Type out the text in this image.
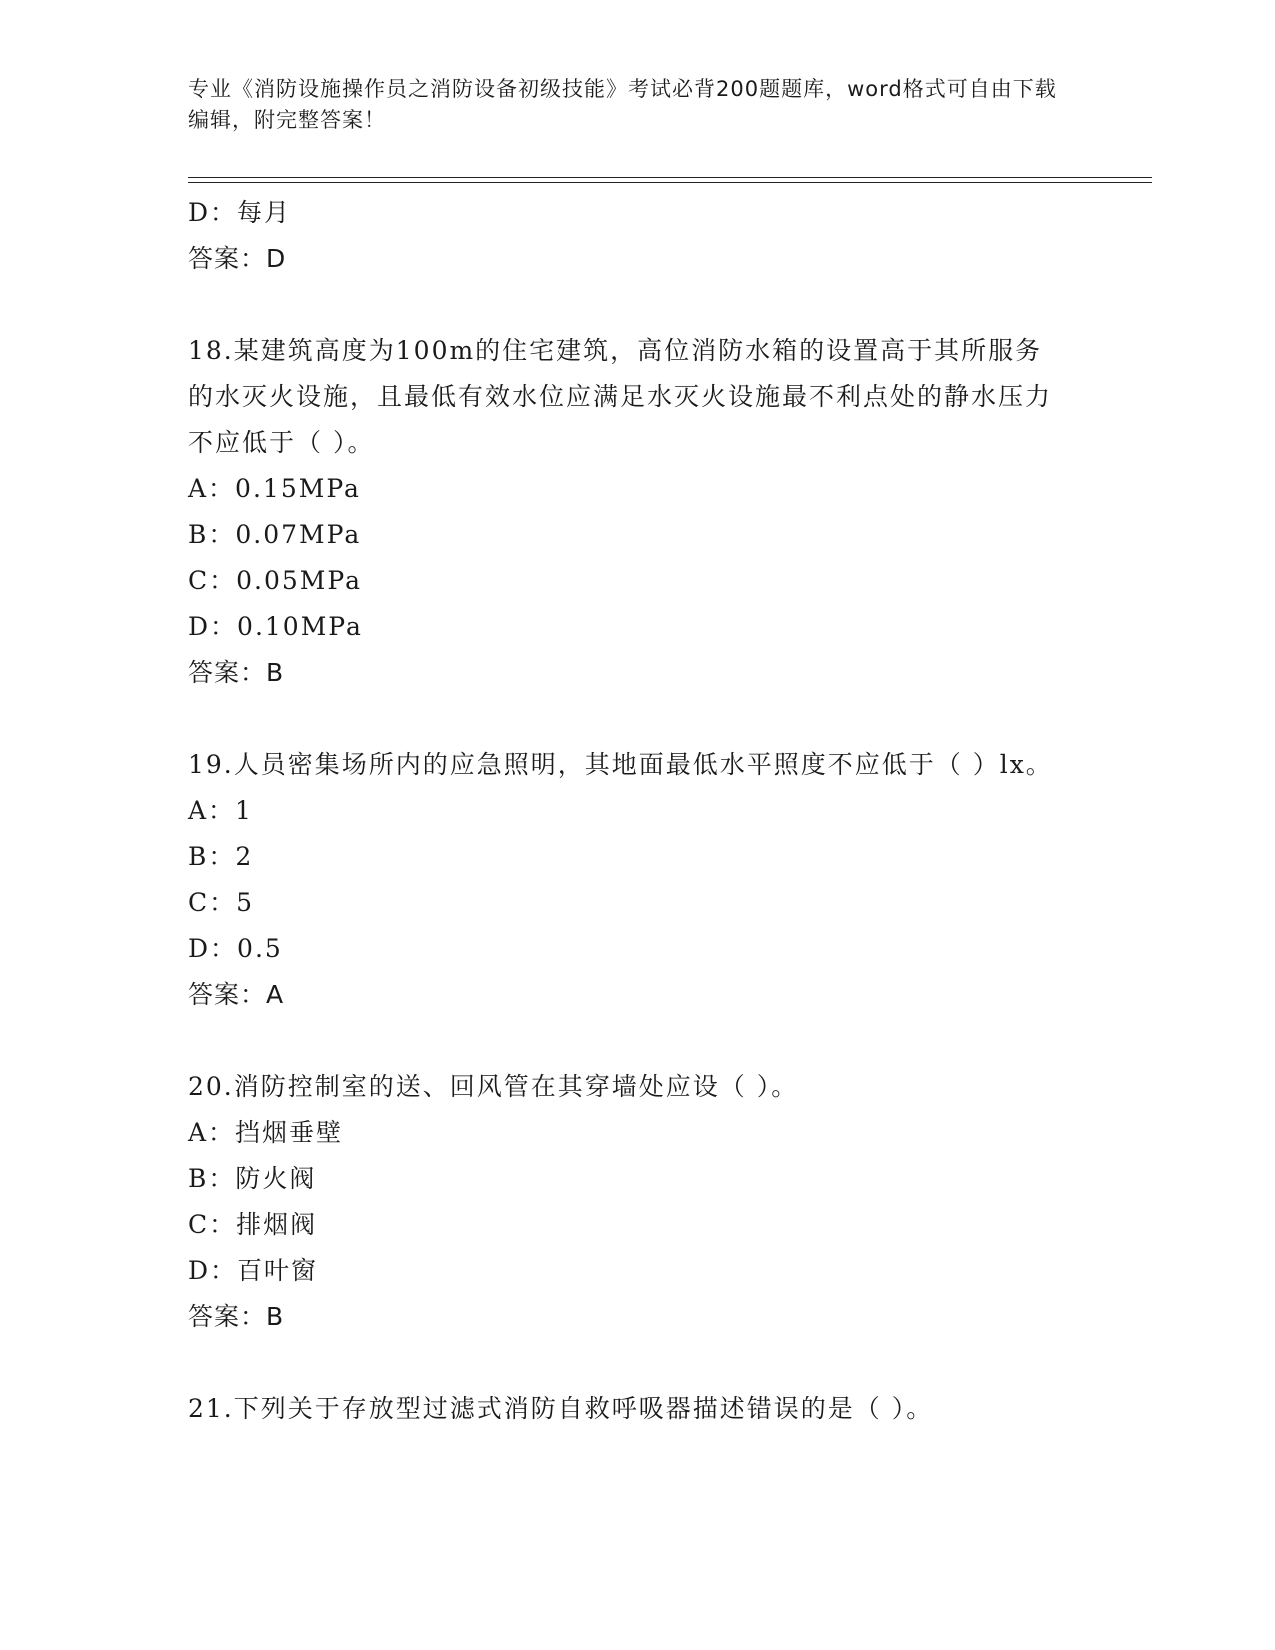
专业《消防设施操作员之消防设备初级技能》考试必背200题题库，word格式可自由下载编辑，附完整答案！
D：每月
答案：D
18.某建筑高度为100m的住宅建筑，高位消防水箱的设置高于其所服务的水灭火设施，且最低有效水位应满足水灭火设施最不利点处的静水压力不应低于（ ）。
A：0.15MPa
B：0.07MPa
C：0.05MPa
D：0.10MPa
答案：B
19.人员密集场所内的应急照明，其地面最低水平照度不应低于（ ）lx。
A：1
B：2
C：5
D：0.5
答案：A
20.消防控制室的送、回风管在其穿墙处应设（ ）。
A：挡烟垂壁
B：防火阀
C：排烟阀
D：百叶窗
答案：B
21.下列关于存放型过滤式消防自救呼吸器描述错误的是（ ）。
